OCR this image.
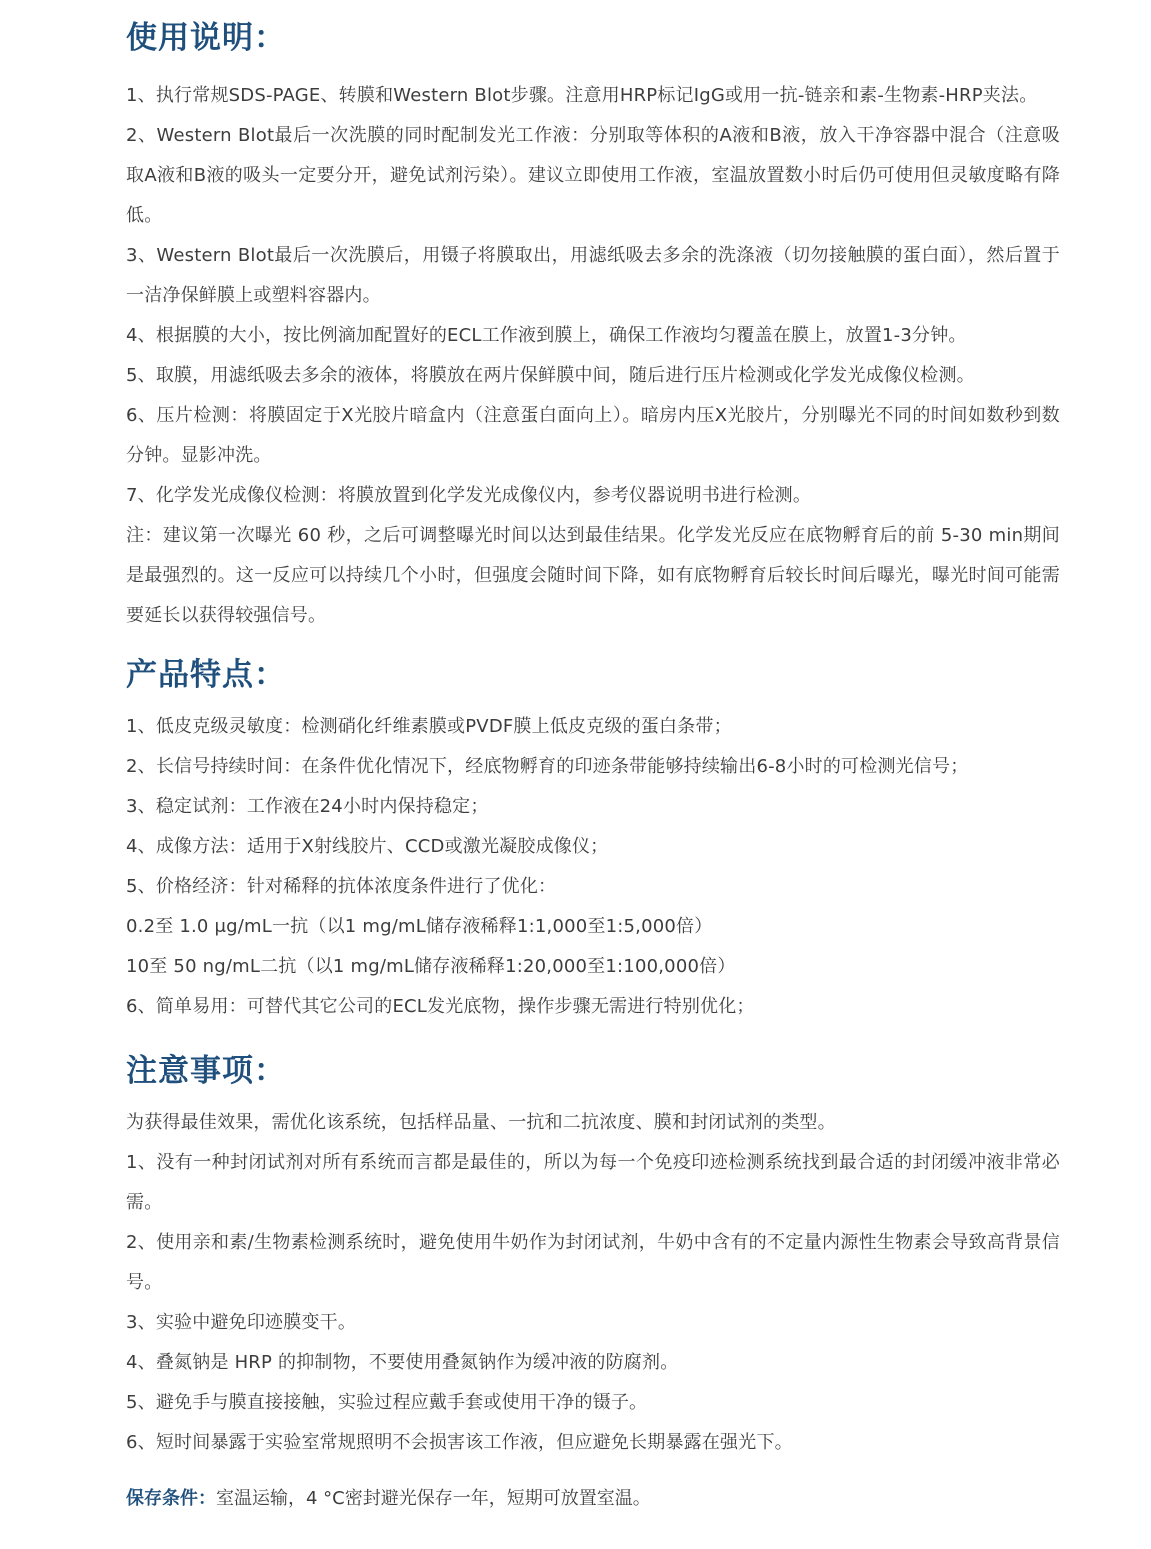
使用说明：

1、执行常规SDS-PAGE、转膜和Western Blot步骤。注意用HRP标记IgG或用一抗-链亲和素-生物素-HRP夹法。

2、Western Blot最后一次洗膜的同时配制发光工作液：分别取等体积的A液和B液，放入干净容器中混合（注意吸取A液和B液的吸头一定要分开，避免试剂污染）。建议立即使用工作液，室温放置数小时后仍可使用但灵敏度略有降低。

3、Western Blot最后一次洗膜后，用镊子将膜取出，用滤纸吸去多余的洗涤液（切勿接触膜的蛋白面），然后置于一洁净保鲜膜上或塑料容器内。

4、根据膜的大小，按比例滴加配置好的ECL工作液到膜上，确保工作液均匀覆盖在膜上，放置1-3分钟。

5、取膜，用滤纸吸去多余的液体，将膜放在两片保鲜膜中间，随后进行压片检测或化学发光成像仪检测。

6、压片检测：将膜固定于X光胶片暗盒内（注意蛋白面向上）。暗房内压X光胶片，分别曝光不同的时间如数秒到数分钟。显影冲洗。

7、化学发光成像仪检测：将膜放置到化学发光成像仪内，参考仪器说明书进行检测。

注：建议第一次曝光 60 秒，之后可调整曝光时间以达到最佳结果。化学发光反应在底物孵育后的前 5-30 min期间是最强烈的。这一反应可以持续几个小时，但强度会随时间下降，如有底物孵育后较长时间后曝光，曝光时间可能需要延长以获得较强信号。

产品特点：

1、低皮克级灵敏度：检测硝化纤维素膜或PVDF膜上低皮克级的蛋白条带；

2、长信号持续时间：在条件优化情况下，经底物孵育的印迹条带能够持续输出6-8小时的可检测光信号；

3、稳定试剂：工作液在24小时内保持稳定；

4、成像方法：适用于X射线胶片、CCD或激光凝胶成像仪；

5、价格经济：针对稀释的抗体浓度条件进行了优化：

0.2至 1.0 μg/mL一抗（以1 mg/mL储存液稀释1:1,000至1:5,000倍）

10至 50 ng/mL二抗（以1 mg/mL储存液稀释1:20,000至1:100,000倍）

6、简单易用：可替代其它公司的ECL发光底物，操作步骤无需进行特别优化；

注意事项：

为获得最佳效果，需优化该系统，包括样品量、一抗和二抗浓度、膜和封闭试剂的类型。

1、没有一种封闭试剂对所有系统而言都是最佳的，所以为每一个免疫印迹检测系统找到最合适的封闭缓冲液非常必需。

2、使用亲和素/生物素检测系统时，避免使用牛奶作为封闭试剂，牛奶中含有的不定量内源性生物素会导致高背景信号。

3、实验中避免印迹膜变干。

4、叠氮钠是 HRP 的抑制物，不要使用叠氮钠作为缓冲液的防腐剂。

5、避免手与膜直接接触，实验过程应戴手套或使用干净的镊子。

6、短时间暴露于实验室常规照明不会损害该工作液，但应避免长期暴露在强光下。

保存条件：室温运输，4 °C密封避光保存一年，短期可放置室温。
